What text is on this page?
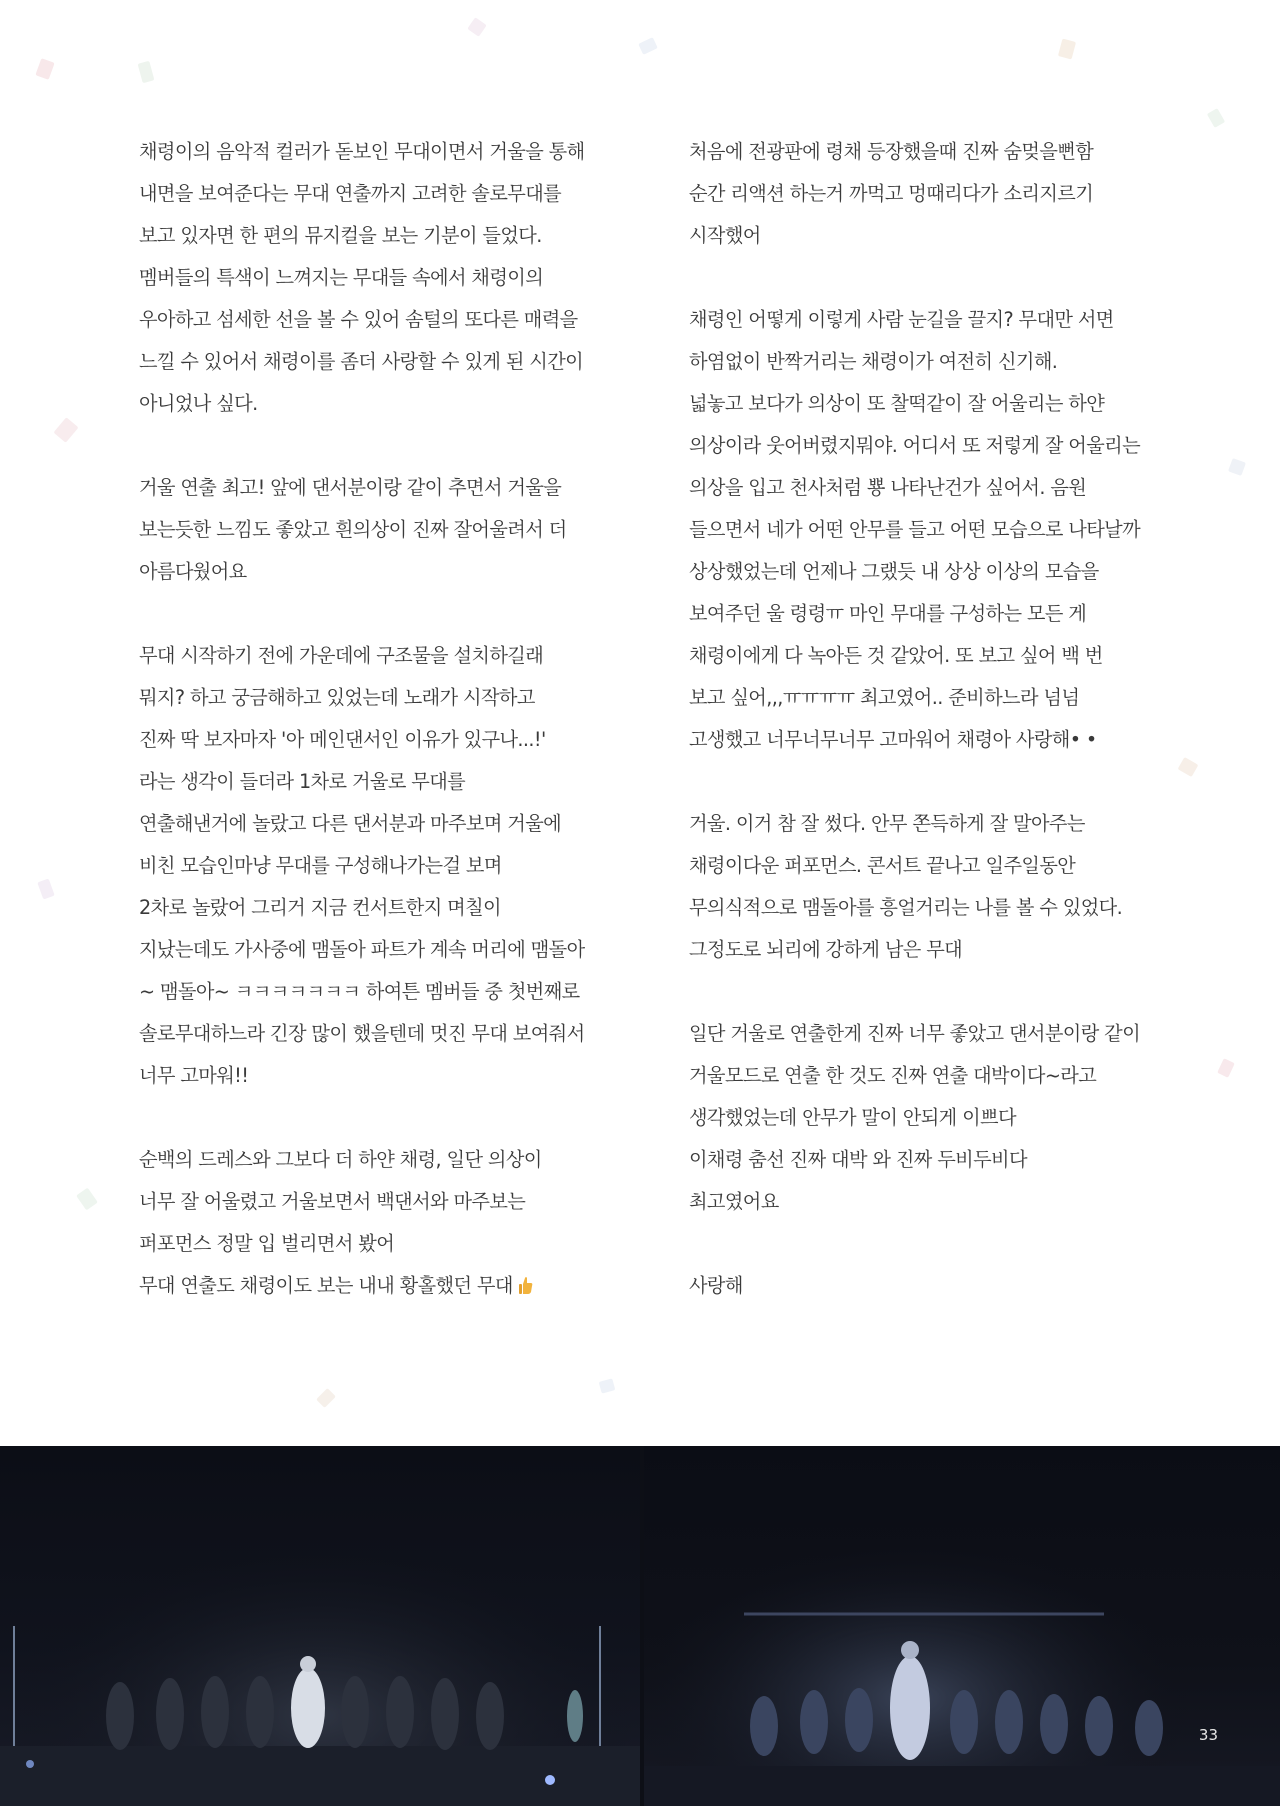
채령이의 음악적 컬러가 돋보인 무대이면서 거울을 통해 내면을 보여준다는 무대 연출까지 고려한 솔로무대를 보고 있자면 한 편의 뮤지컬을 보는 기분이 들었다. 멤버들의 특색이 느껴지는 무대들 속에서 채령이의 우아하고 섬세한 선을 볼 수 있어 솜털의 또다른 매력을 느낄 수 있어서 채령이를 좀더 사랑할 수 있게 된 시간이 아니었나 싶다.

거울 연출 최고! 앞에 댄서분이랑 같이 추면서 거울을 보는듯한 느낌도 좋았고 흰의상이 진짜 잘어울려서 더 아름다웠어요

무대 시작하기 전에 가운데에 구조물을 설치하길래 뭐지? 하고 궁금해하고 있었는데 노래가 시작하고
진짜 딱 보자마자 '아 메인댄서인 이유가 있구나...!'
라는 생각이 들더라 1차로 거울로 무대를
연출해낸거에 놀랐고 다른 댄서분과 마주보며 거울에 비친 모습인마냥 무대를 구성해나가는걸 보며
2차로 놀랐어 그리거 지금 컨서트한지 며칠이 지났는데도 가사중에 맴돌아 파트가 계속 머리에 맴돌아~ 맴돌아~ ㅋㅋㅋㅋㅋㅋㅋ 하여튼 멤버들 중 첫번째로 솔로무대하느라 긴장 많이 했을텐데 멋진 무대 보여줘서 너무 고마워!!

순백의 드레스와 그보다 더 하얀 채령, 일단 의상이
너무 잘 어울렸고 거울보면서 백댄서와 마주보는
퍼포먼스 정말 입 벌리면서 봤어
무대 연출도 채령이도 보는 내내 황홀했던 무대

처음에 전광판에 령채 등장했을때 진짜 숨멎을뻔함
순간 리액션 하는거 까먹고 멍때리다가 소리지르기
시작했어

채령인 어떻게 이렇게 사람 눈길을 끌지? 무대만 서면 하염없이 반짝거리는 채령이가 여전히 신기해.
넓놓고 보다가 의상이 또 찰떡같이 잘 어울리는 하얀 의상이라 웃어버렸지뭐야. 어디서 또 저렇게 잘 어울리는 의상을 입고 천사처럼 뿅 나타난건가 싶어서. 음원 들으면서 네가 어떤 안무를 들고 어떤 모습으로 나타날까 상상했었는데 언제나 그랬듯 내 상상 이상의 모습을 보여주던 울 령령ㅠ 마인 무대를 구성하는 모든 게 채령이에게 다 녹아든 것 같았어. 또 보고 싶어 백 번 보고 싶어,,,ㅠㅠㅠㅠ 최고였어.. 준비하느라 넘넘 고생했고 너무너무너무 고마워어 채령아 사랑해• •

거울. 이거 참 잘 썼다. 안무 쫀득하게 잘 말아주는
채령이다운 퍼포먼스. 콘서트 끝나고 일주일동안
무의식적으로 맴돌아를 흥얼거리는 나를 볼 수 있었다. 그정도로 뇌리에 강하게 남은 무대

일단 거울로 연출한게 진짜 너무 좋았고 댄서분이랑 같이 거울모드로 연출 한 것도 진짜 연출 대박이다~라고 생각했었는데 안무가 말이 안되게 이쁘다
이채령 춤선 진짜 대박 와 진짜 두비두비다
최고였어요

사랑해

33
